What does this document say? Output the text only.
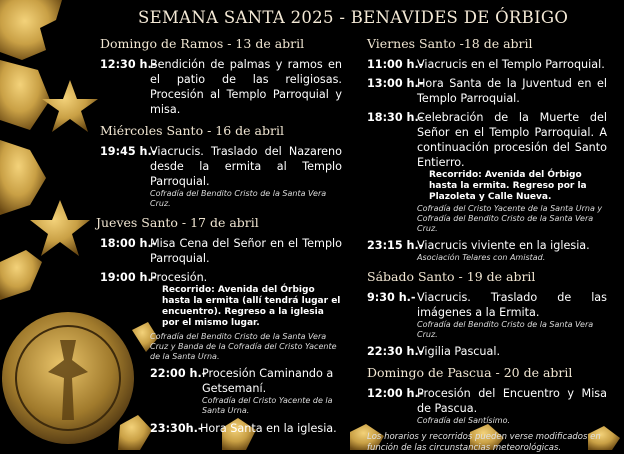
SEMANA SANTA 2025 - BENAVIDES DE ÓRBIGO
Domingo de Ramos - 13 de abril
12:30 h.-
Bendición de palmas y ramos en el patio de las religiosas. Procesión al Templo Parroquial y misa.
Miércoles Santo - 16 de abril
19:45 h.-
Viacrucis. Traslado del Nazareno desde la ermita al Templo Parroquial.
Cofradía del Bendito Cristo de la Santa Vera Cruz.
Jueves Santo - 17 de abril
18:00 h.-
Misa Cena del Señor en el Templo Parroquial.
19:00 h.-
Procesión.
Recorrido: Avenida del Órbigo hasta la ermita (allí tendrá lugar el encuentro). Regreso a la iglesia por el mismo lugar.
Cofradía del Bendito Cristo de la Santa Vera Cruz y Banda de la Cofradía del Cristo Yacente de la Santa Urna.
22:00 h.-
Procesión Caminando a Getsemaní.
Cofradía del Cristo Yacente de la Santa Urna.
23:30h.-
Hora Santa en la iglesia.
Viernes Santo -18 de abril
11:00 h.-
Viacrucis en el Templo Parroquial.
13:00 h.-
Hora Santa de la Juventud en el Templo Parroquial.
18:30 h.-
Celebración de la Muerte del Señor en el Templo Parroquial. A continuación procesión del Santo Entierro.
Recorrido: Avenida del Órbigo hasta la ermita. Regreso por la Plazoleta y Calle Nueva.
Cofradía del Cristo Yacente de la Santa Urna y Cofradía del Bendito Cristo de la Santa Vera Cruz.
23:15 h.-
Viacrucis viviente en la iglesia.
Asociación Telares con Amistad.
Sábado Santo - 19 de abril
9:30 h.- Viacrucis. Traslado de las imágenes a la Ermita.
Cofradía del Bendito Cristo de la Santa Vera Cruz.
22:30 h.-
Vigilia Pascual.
Domingo de Pascua - 20 de abril
12:00 h.-
Procesión del Encuentro y Misa de Pascua.
Cofradía del Santísimo.
Los horarios y recorridos pueden verse modificados en función de las circunstancias meteorológicas.
